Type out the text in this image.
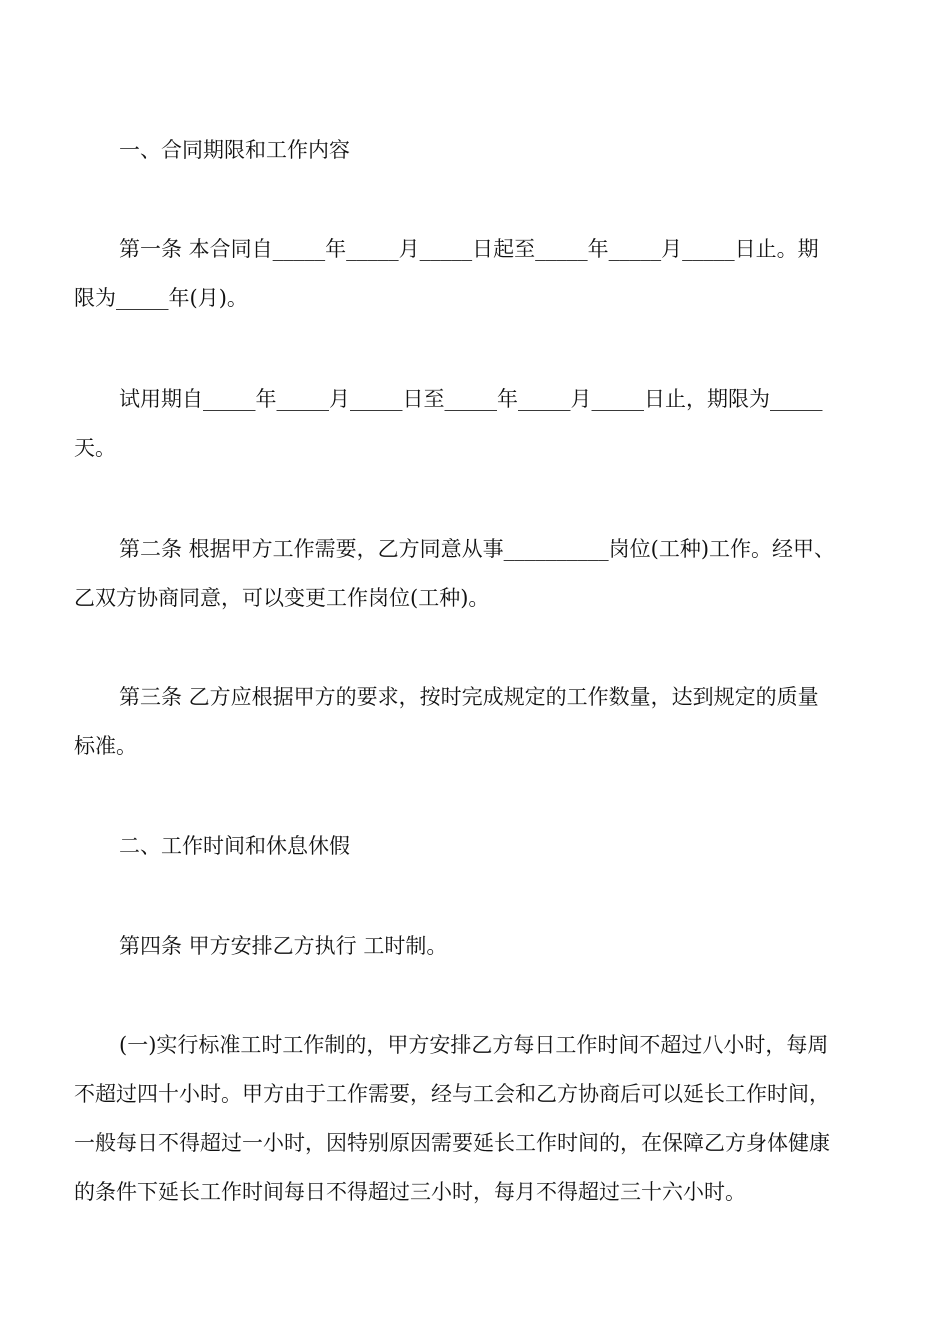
一、合同期限和工作内容
第一条 本合同自_____年_____月_____日起至_____年_____月_____日止。期
限为_____年(月)。
试用期自_____年_____月_____日至_____年_____月_____日止，期限为_____
天。
第二条 根据甲方工作需要，乙方同意从事__________岗位(工种)工作。经甲、
乙双方协商同意，可以变更工作岗位(工种)。
第三条 乙方应根据甲方的要求，按时完成规定的工作数量，达到规定的质量
标准。
二、工作时间和休息休假
第四条 甲方安排乙方执行 工时制。
(一)实行标准工时工作制的，甲方安排乙方每日工作时间不超过八小时，每周
不超过四十小时。甲方由于工作需要，经与工会和乙方协商后可以延长工作时间，
一般每日不得超过一小时，因特别原因需要延长工作时间的，在保障乙方身体健康
的条件下延长工作时间每日不得超过三小时，每月不得超过三十六小时。
